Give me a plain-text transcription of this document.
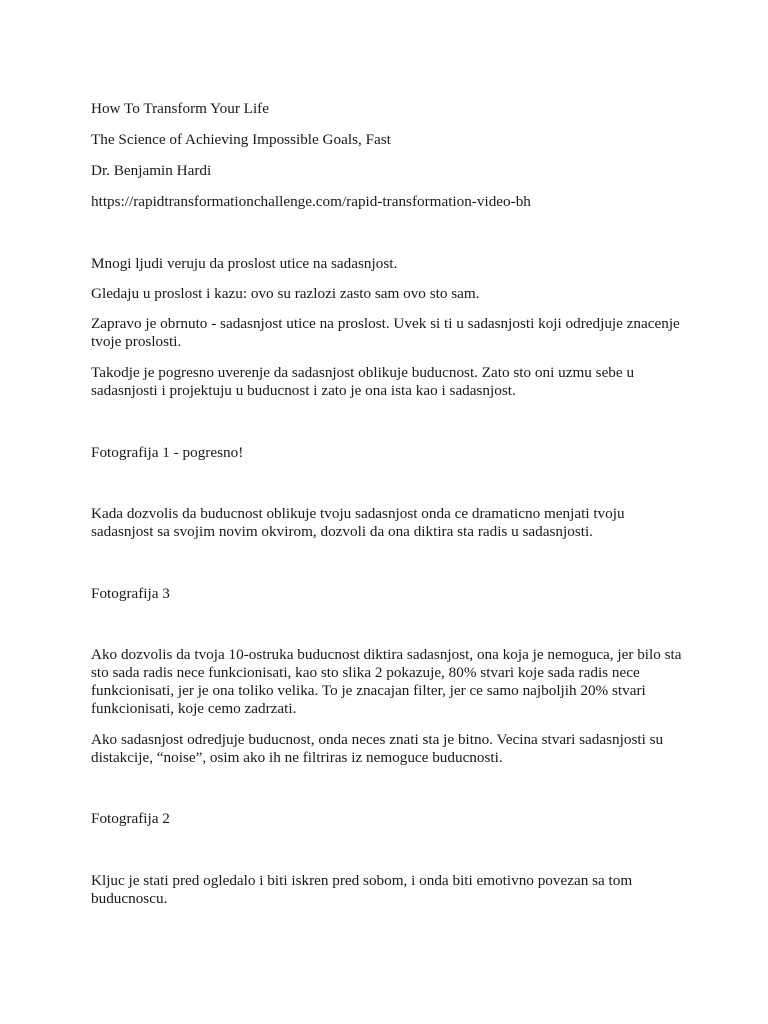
How To Transform Your Life
The Science of Achieving Impossible Goals, Fast
Dr. Benjamin Hardi
https://rapidtransformationchallenge.com/rapid-transformation-video-bh
Mnogi ljudi veruju da proslost utice na sadasnjost.
Gledaju u proslost i kazu: ovo su razlozi zasto sam ovo sto sam.
Zapravo je obrnuto - sadasnjost utice na proslost. Uvek si ti u sadasnjosti koji odredjuje znacenje
tvoje proslosti.
Takodje je pogresno uverenje da sadasnjost oblikuje buducnost. Zato sto oni uzmu sebe u
sadasnjosti i projektuju u buducnost i zato je ona ista kao i sadasnjost.
Fotografija 1 - pogresno!
Kada dozvolis da buducnost oblikuje tvoju sadasnjost onda ce dramaticno menjati tvoju
sadasnjost sa svojim novim okvirom, dozvoli da ona diktira sta radis u sadasnjosti.
Fotografija 3
Ako dozvolis da tvoja 10-ostruka buducnost diktira sadasnjost, ona koja je nemoguca, jer bilo sta
sto sada radis nece funkcionisati, kao sto slika 2 pokazuje, 80% stvari koje sada radis nece
funkcionisati, jer je ona toliko velika. To je znacajan filter, jer ce samo najboljih 20% stvari
funkcionisati, koje cemo zadrzati.
Ako sadasnjost odredjuje buducnost, onda neces znati sta je bitno. Vecina stvari sadasnjosti su
distakcije, “noise”, osim ako ih ne filtriras iz nemoguce buducnosti.
Fotografija 2
Kljuc je stati pred ogledalo i biti iskren pred sobom, i onda biti emotivno povezan sa tom
buducnoscu.
